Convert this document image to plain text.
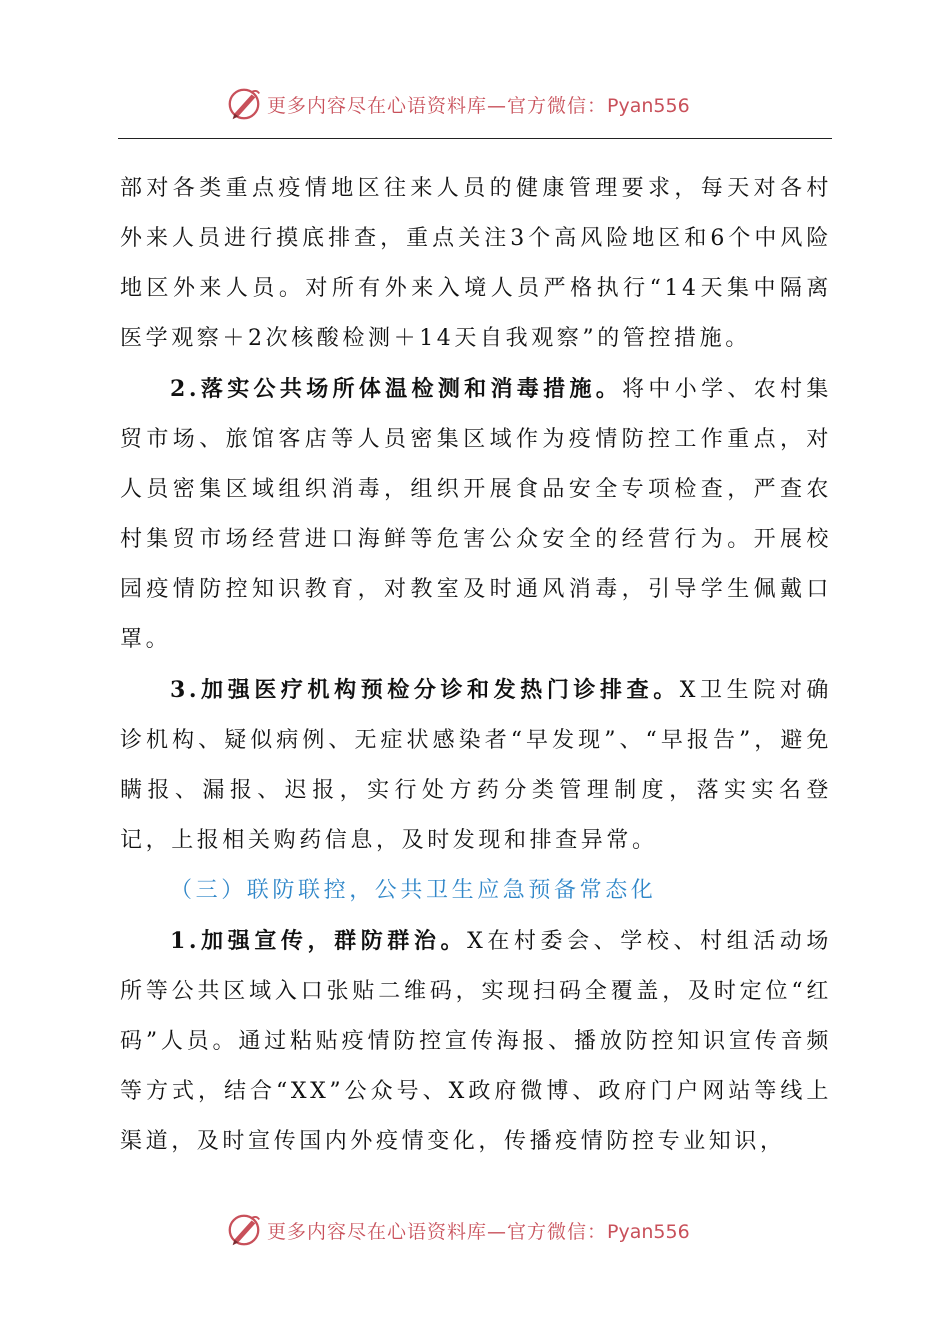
更多内容尽在心语资料库—官方微信：Pyan556

部对各类重点疫情地区往来人员的健康管理要求，每天对各村外来人员进行摸底排查，重点关注3个高风险地区和6个中风险地区外来人员。对所有外来入境人员严格执行“14天集中隔离医学观察＋2次核酸检测＋14天自我观察”的管控措施。

2.落实公共场所体温检测和消毒措施。将中小学、农村集贸市场、旅馆客店等人员密集区域作为疫情防控工作重点，对人员密集区域组织消毒，组织开展食品安全专项检查，严查农村集贸市场经营进口海鲜等危害公众安全的经营行为。开展校园疫情防控知识教育，对教室及时通风消毒，引导学生佩戴口罩。

3.加强医疗机构预检分诊和发热门诊排查。X卫生院对确诊机构、疑似病例、无症状感染者“早发现”、“早报告”，避免瞒报、漏报、迟报，实行处方药分类管理制度，落实实名登记，上报相关购药信息，及时发现和排查异常。

（三）联防联控，公共卫生应急预备常态化

1.加强宣传，群防群治。X在村委会、学校、村组活动场所等公共区域入口张贴二维码，实现扫码全覆盖，及时定位“红码”人员。通过粘贴疫情防控宣传海报、播放防控知识宣传音频等方式，结合“XX”公众号、X政府微博、政府门户网站等线上渠道，及时宣传国内外疫情变化，传播疫情防控专业知识，

更多内容尽在心语资料库—官方微信：Pyan556
